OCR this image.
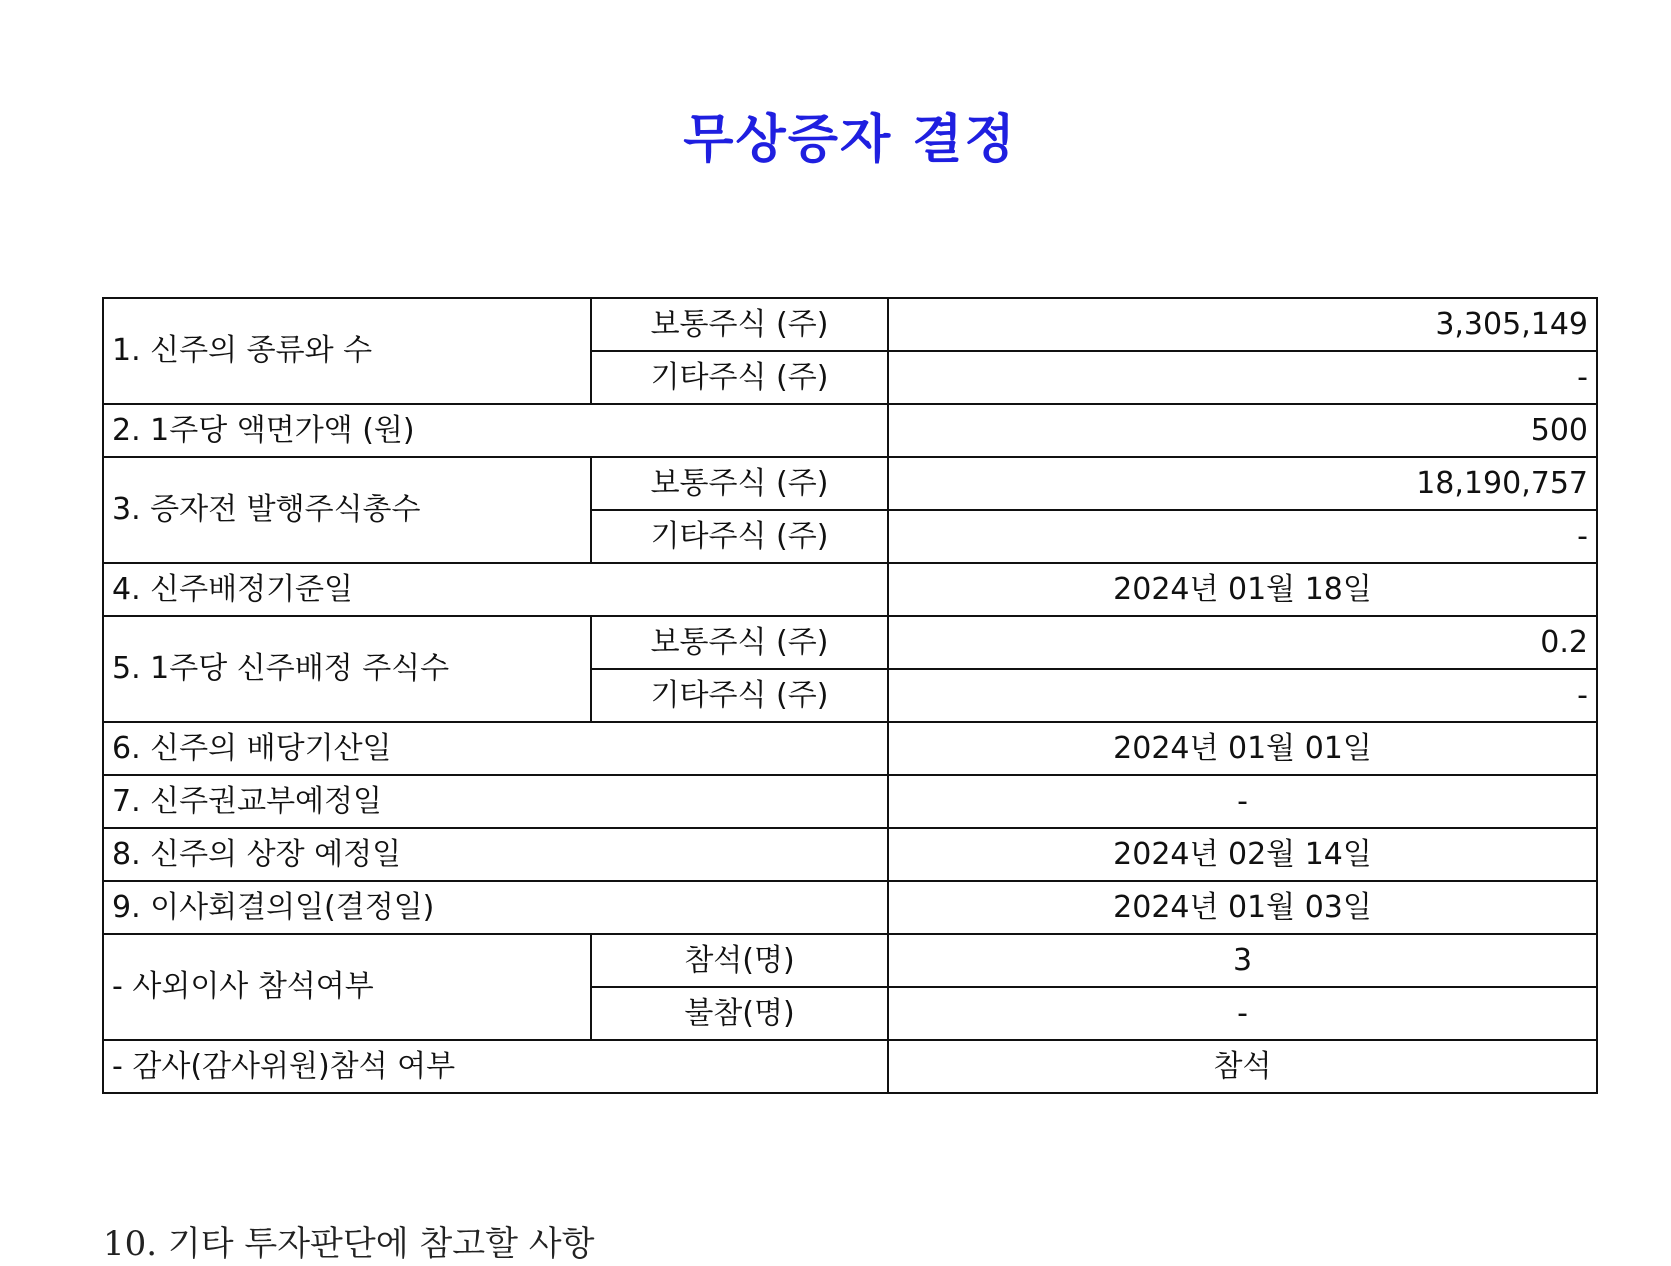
무상증자 결정
1. 신주의 종류와 수	보통주식 (주)	3,305,149
	기타주식 (주)	-
2. 1주당 액면가액 (원)		500
3. 증자전 발행주식총수	보통주식 (주)	18,190,757
	기타주식 (주)	-
4. 신주배정기준일		2024년 01월 18일
5. 1주당 신주배정 주식수	보통주식 (주)	0.2
	기타주식 (주)	-
6. 신주의 배당기산일		2024년 01월 01일
7. 신주권교부예정일		-
8. 신주의 상장 예정일		2024년 02월 14일
9. 이사회결의일(결정일)		2024년 01월 03일
- 사외이사 참석여부	참석(명)	3
	불참(명)	-
- 감사(감사위원)참석 여부		참석
10. 기타 투자판단에 참고할 사항
